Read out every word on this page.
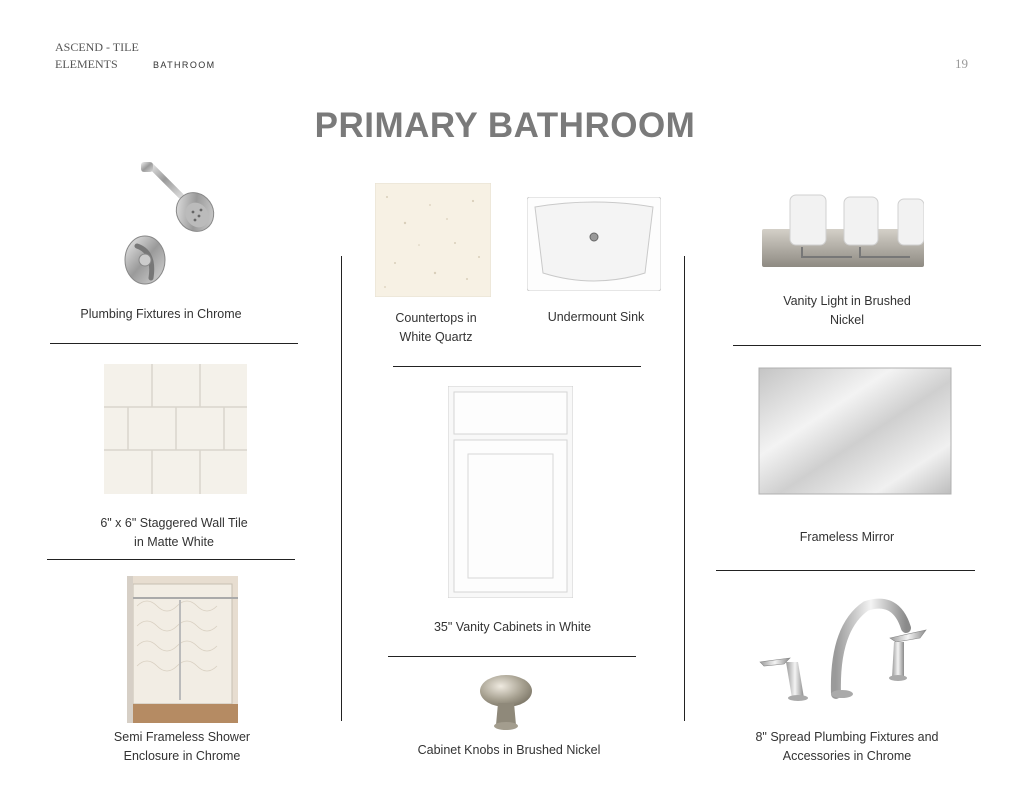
ASCEND - TILE
ELEMENTS	BATHROOM	19
PRIMARY BATHROOM
Plumbing Fixtures in Chrome
6" x 6" Staggered Wall Tile
in Matte White
Semi Frameless Shower
Enclosure in Chrome
Countertops in
White Quartz
Undermount Sink
35" Vanity Cabinets in White
Cabinet Knobs in Brushed Nickel
Vanity Light in Brushed
Nickel
Frameless Mirror
8" Spread Plumbing Fixtures and
Accessories in Chrome
